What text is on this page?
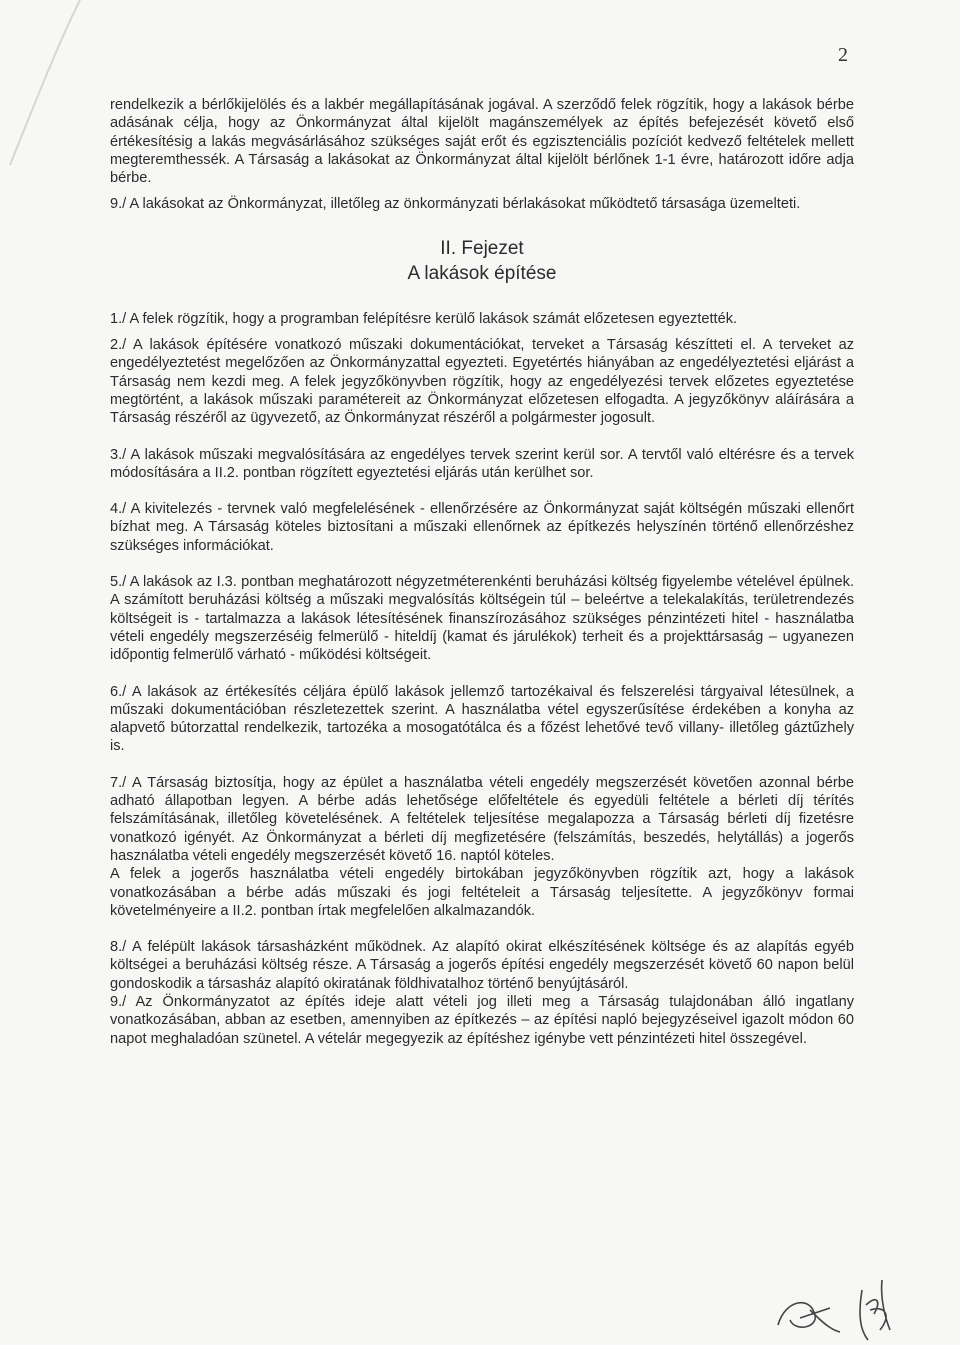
2

rendelkezik a bérlőkijelölés és a lakbér megállapításának jogával. A szerződő felek rögzítik, hogy a lakások bérbe adásának célja, hogy az Önkormányzat által kijelölt magánszemélyek az építés befejezését követő első értékesítésig a lakás megvásárlásához szükséges saját erőt és egzisztenciális pozíciót kedvező feltételek mellett megteremthessék. A Társaság a lakásokat az Önkormányzat által kijelölt bérlőnek 1-1 évre, határozott időre adja bérbe.

9./ A lakásokat az Önkormányzat, illetőleg az önkormányzati bérlakásokat működtető társasága üzemelteti.

II. Fejezet
A lakások építése

1./ A felek rögzítik, hogy a programban felépítésre kerülő lakások számát előzetesen egyeztették.

2./ A lakások építésére vonatkozó műszaki dokumentációkat, terveket a Társaság készítteti el. A terveket az engedélyeztetést megelőzően az Önkormányzattal egyezteti. Egyetértés hiányában az engedélyeztetési eljárást a Társaság nem kezdi meg. A felek jegyzőkönyvben rögzítik, hogy az engedélyezési tervek előzetes egyeztetése megtörtént, a lakások műszaki paramétereit az Önkormányzat előzetesen elfogadta. A jegyzőkönyv aláírására a Társaság részéről az ügyvezető, az Önkormányzat részéről a polgármester jogosult.

3./ A lakások műszaki megvalósítására az engedélyes tervek szerint kerül sor. A tervtől való eltérésre és a tervek módosítására a II.2. pontban rögzített egyeztetési eljárás után kerülhet sor.

4./ A kivitelezés - tervnek való megfelelésének - ellenőrzésére az Önkormányzat saját költségén műszaki ellenőrt bízhat meg. A Társaság köteles biztosítani a műszaki ellenőrnek az építkezés helyszínén történő ellenőrzéshez szükséges információkat.

5./ A lakások az I.3. pontban meghatározott négyzetméterenkénti beruházási költség figyelembe vételével épülnek. A számított beruházási költség a műszaki megvalósítás költségein túl – beleértve a telekalakítás, területrendezés költségeit is - tartalmazza a lakások létesítésének finanszírozásához szükséges pénzintézeti hitel - használatba vételi engedély megszerzéséig felmerülő - hiteldíj (kamat és járulékok) terheit és a projekttársaság – ugyanezen időpontig felmerülő várható - működési költségeit.

6./ A lakások az értékesítés céljára épülő lakások jellemző tartozékaival és felszerelési tárgyaival létesülnek, a műszaki dokumentációban részletezettek szerint. A használatba vétel egyszerűsítése érdekében a konyha az alapvető bútorzattal rendelkezik, tartozéka a mosogatótálca és a főzést lehetővé tevő villany- illetőleg gáztűzhely is.

7./ A Társaság biztosítja, hogy az épület a használatba vételi engedély megszerzését követően azonnal bérbe adható állapotban legyen. A bérbe adás lehetősége előfeltétele és egyedüli feltétele a bérleti díj térítés felszámításának, illetőleg követelésének. A feltételek teljesítése megalapozza a Társaság bérleti díj fizetésre vonatkozó igényét. Az Önkormányzat a bérleti díj megfizetésére (felszámítás, beszedés, helytállás) a jogerős használatba vételi engedély megszerzését követő 16. naptól köteles.

A felek a jogerős használatba vételi engedély birtokában jegyzőkönyvben rögzítik azt, hogy a lakások vonatkozásában a bérbe adás műszaki és jogi feltételeit a Társaság teljesítette. A jegyzőkönyv formai követelményeire a II.2. pontban írtak megfelelően alkalmazandók.

8./ A felépült lakások társasházként működnek. Az alapító okirat elkészítésének költsége és az alapítás egyéb költségei a beruházási költség része. A Társaság a jogerős építési engedély megszerzését követő 60 napon belül gondoskodik a társasház alapító okiratának földhivatalhoz történő benyújtásáról.

9./ Az Önkormányzatot az építés ideje alatt vételi jog illeti meg a Társaság tulajdonában álló ingatlany vonatkozásában, abban az esetben, amennyiben az építkezés – az építési napló bejegyzéseivel igazolt módon 60 napot meghaladóan szünetel. A vételár megegyezik az építéshez igénybe vett pénzintézeti hitel összegével.
